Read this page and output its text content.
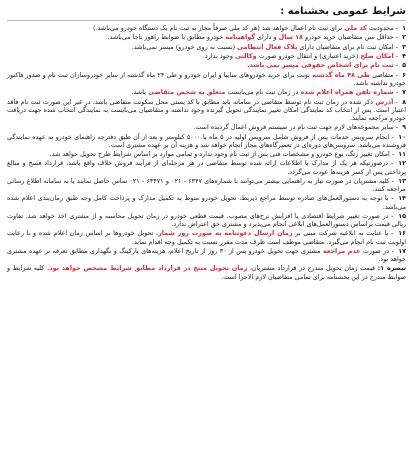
شرایط عمومی بخشنامه :
۱ - محدودیت کد ملی برای ثبت نام اعمال خواهد شد (هر کد ملی صرفاً مجاز به ثبت نام یک دستگاه خودرو می‌باشد.)
۲ - حداقل سن متقاضیان خرید خودرو ۱۸ سال و دارای گواهینامه خودرو مطابق با ضوابط راهور ناجا می‌باشد.
۳ - امکان ثبت نام برای متقاضیان دارای پلاک فعال انتظامی (نسبت به روی خودرو) میسر نمی‌باشد.
۴ - امکان صلح (خرید اعتباری) و انتقال خودرو صورت وکالتی وجود ندارد.
۵ - ثبت نام برای اشخاص حقوقی میسر نمی باشد.
۶ - متقاضی طی ۴۸ ماه گذشته نوبت برای خرید خودروهای سایپا و ایران خودرو و طی ۲۴ ماه گذشته از سایر خودروسازان ثبت نام و صدور فاکتور خودرو نداشته باشد.
۷ - شماره تلفن همراه اعلام شده در زمان ثبت نام می‌بایست متعلق به شخص متقاضی باشد.
۸ - آدرس ذکر شده در زمان ثبت نام توسط متقاضی در سامانه باید مطابق با کد پستی محل سکونت متقاضی باشد، در غیر این صورت ثبت نام فاقد اعتبار است. پس از انتخاب کد نمایندگی امکان تغییر نمایندگی تحویل گیرنده وجود نداشته و متقاضیان می‌بایست به نمایندگی انتخاب شده جهت دریافت خودرو مراجعه نمایند.
۹ - سایر مجموعه‌های لازم جهت ثبت نام در سیستم فروش اعمال گردیده است.
۱۰ - انجام سرویس خدمات پس از فروش شامل سرویس اولیه در ۵ ماه یا ۵۰۰۰ کیلومتر و بعد از آن طبق دفترچه راهنمای خودرو به عهده نمایندگی فروشنده می‌باشد. سرویس‌های دوره‌ای در تعمیرگاه‌های مجاز انجام خواهد شد و هزینه آن بر عهده مشتری است.
۱۱ - امکان تغییر رنگ، نوع خودرو و مشخصات فنی پس از ثبت نام وجود ندارد و تمامی موارد بر اساس شرایط طرح تحویل خواهد شد.
۱۲ - درصورتیکه هر یک از مدارک یا اطلاعات ارائه شده توسط متقاضی در هر مرحله‌ای از فرآیند فروش خلاف واقع باشد، قرارداد فسخ و مبالغ پرداختی پس از کسر هزینه‌ها عودت می‌گردد.
۱۳ - کلیه مشتریان در صورت نیاز به راهنمایی بیشتر می‌توانند با شماره‌های ۶۳۴۷ - ۰۲۱ و ۶۳۴۷۱ - ۰۲۱ تماس حاصل نمایند یا به سامانه اطلاع رسانی مراجعه کنند.
۱۴ - با توجه به دستورالعمل‌های صادره توسط مراجع ذیربط، تحویل خودرو منوط به تکمیل مدارک و پرداخت کامل وجه طبق زمان‌بندی اعلام شده می‌باشد.
۱۵ - در صورت تغییر شرایط اقتصادی یا افزایش نرخ‌های مصوب، قیمت قطعی خودرو در زمان تحویل محاسبه و از مشتری اخذ خواهد شد. تفاوت ریالی قیمت براساس دستورالعمل‌های ابلاغی انجام می‌پذیرد و مشتری حق اعتراض ندارد.
۱۶ - با عنایت به ابلاغیه شرکت مبنی بر زمان ارسال دعوتنامه به صورت روز شمار، تحویل خودروها بر اساس زمان اعلام شده و با رعایت اولویت ثبت نام انجام می‌گیرد. متقاضی موظف است ظرف مدت مقرر نسبت به تکمیل وجه اقدام نماید.
۱۷ - در صورت عدم مراجعه مشتری جهت تحویل خودرو پس از ۳۰ روز از تاریخ اعلام، هزینه‌های پارکینگ و نگهداری مطابق تعرفه بر عهده مشتری خواهد بود.

تبصره ۱: قیمت زمان تحویل مندرج در قرارداد مشتریان، زمان تحویل منتج در قرارداد مطابق شرایط مشخص خواهد بود. کلیه شرایط و ضوابط مندرج در این بخشنامه برای تمامی متقاضیان لازم الاجرا است.
